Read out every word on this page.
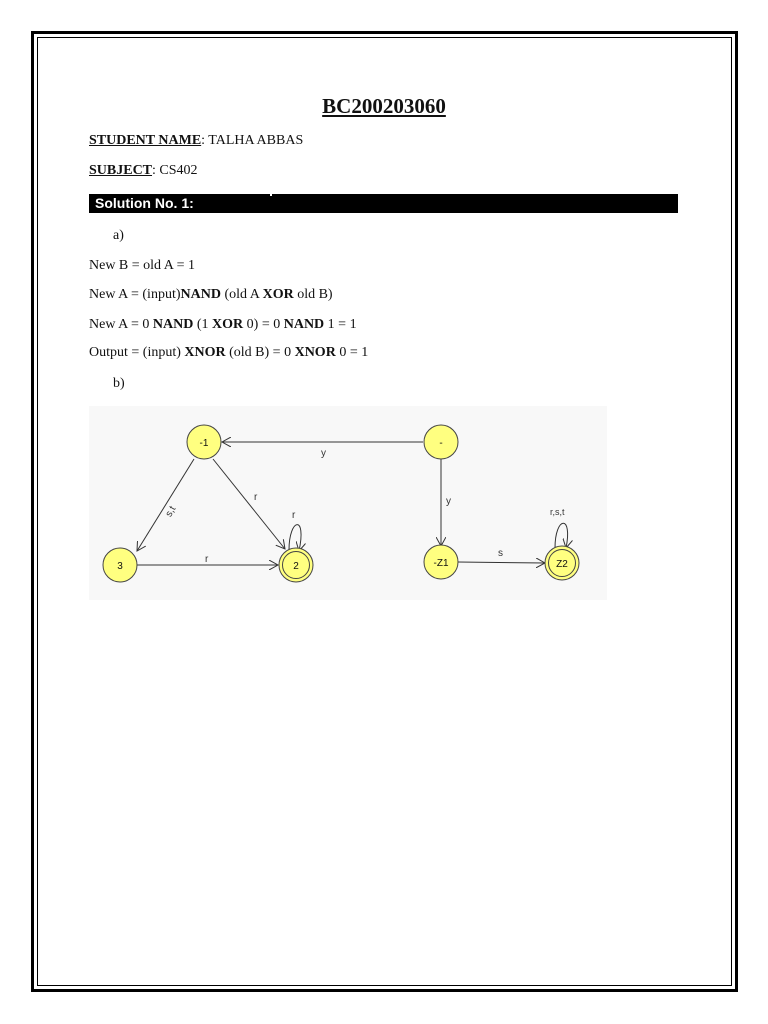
BC200203060
STUDENT NAME: TALHA ABBAS
SUBJECT: CS402
Solution No. 1:
a)
New B = old A = 1
New A = (input)NAND (old A XOR old B)
New A = 0 NAND (1 XOR 0) = 0 NAND 1 = 1
Output = (input) XNOR (old B) = 0 XNOR 0 = 1
b)
y
y
s,t
r
r
r
s
r,s,t
-1	-
3	2	-Z1	Z2
